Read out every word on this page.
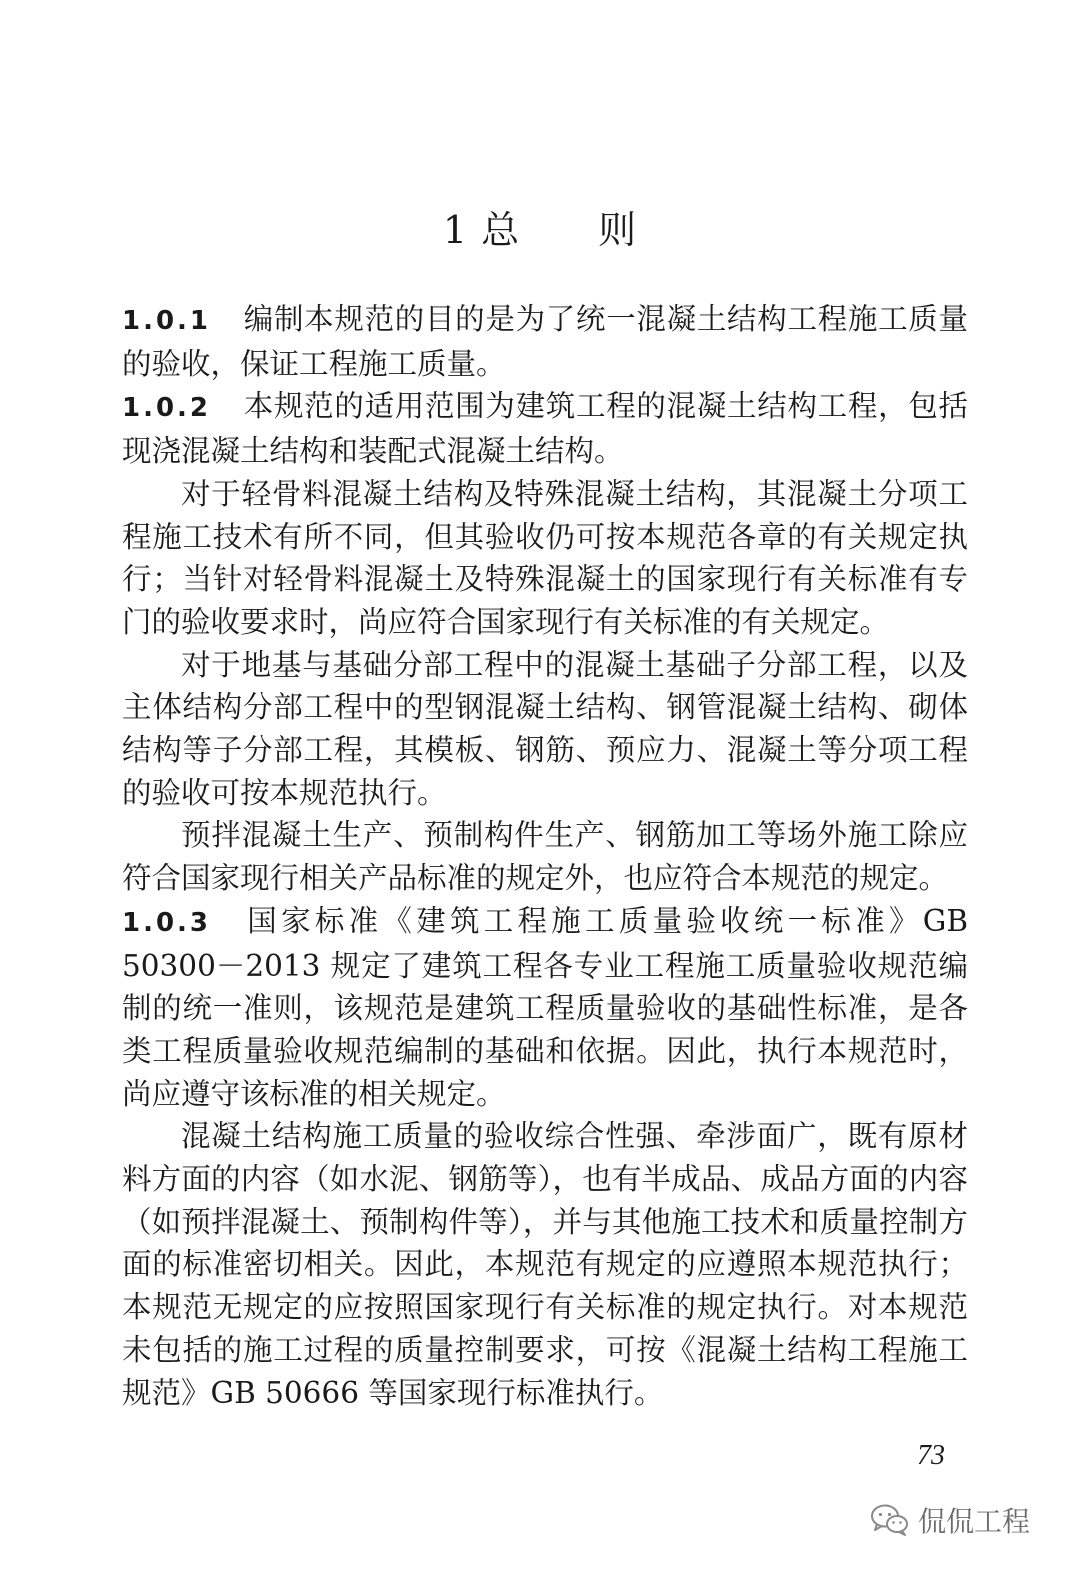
1 总　　则

1.0.1 编制本规范的目的是为了统一混凝土结构工程施工质量的验收，保证工程施工质量。

1.0.2 本规范的适用范围为建筑工程的混凝土结构工程，包括现浇混凝土结构和装配式混凝土结构。

对于轻骨料混凝土结构及特殊混凝土结构，其混凝土分项工程施工技术有所不同，但其验收仍可按本规范各章的有关规定执行；当针对轻骨料混凝土及特殊混凝土的国家现行有关标准有专门的验收要求时，尚应符合国家现行有关标准的有关规定。

对于地基与基础分部工程中的混凝土基础子分部工程，以及主体结构分部工程中的型钢混凝土结构、钢管混凝土结构、砌体结构等子分部工程，其模板、钢筋、预应力、混凝土等分项工程的验收可按本规范执行。

预拌混凝土生产、预制构件生产、钢筋加工等场外施工除应符合国家现行相关产品标准的规定外，也应符合本规范的规定。

1.0.3 国家标准《建筑工程施工质量验收统一标准》GB 50300－2013 规定了建筑工程各专业工程施工质量验收规范编制的统一准则，该规范是建筑工程质量验收的基础性标准，是各类工程质量验收规范编制的基础和依据。因此，执行本规范时，尚应遵守该标准的相关规定。

混凝土结构施工质量的验收综合性强、牵涉面广，既有原材料方面的内容（如水泥、钢筋等），也有半成品、成品方面的内容（如预拌混凝土、预制构件等），并与其他施工技术和质量控制方面的标准密切相关。因此，本规范有规定的应遵照本规范执行；本规范无规定的应按照国家现行有关标准的规定执行。对本规范未包括的施工过程的质量控制要求，可按《混凝土结构工程施工规范》GB 50666 等国家现行标准执行。

73
侃侃工程
